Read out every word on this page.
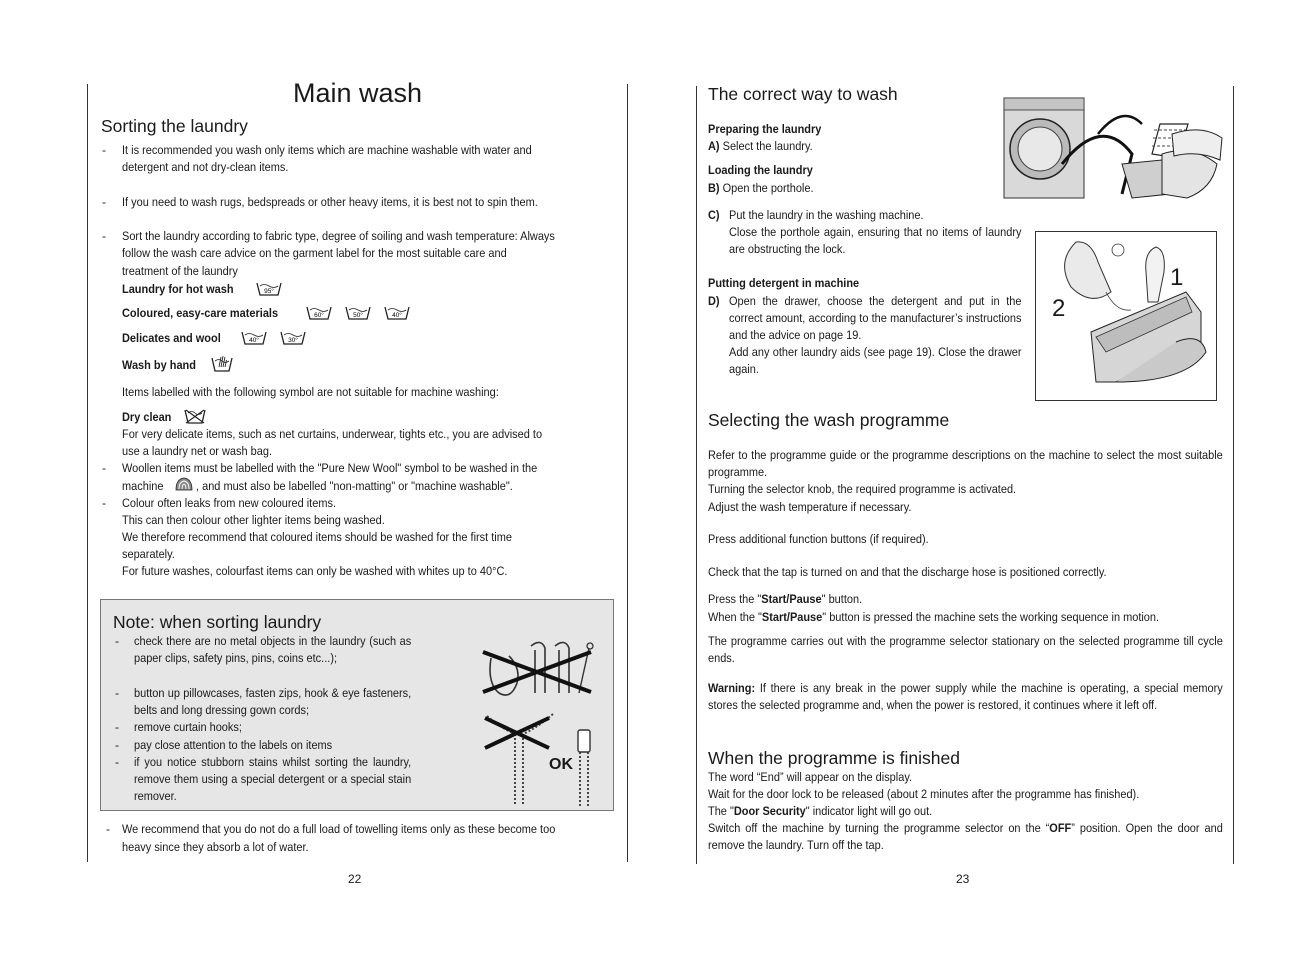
Main wash
Sorting the laundry
- It is recommended you wash only items which are machine washable with water and
detergent and not dry-clean items.
- If you need to wash rugs, bedspreads or other heavy items, it is best not to spin them.
- Sort the laundry according to fabric type, degree of soiling and wash temperature: Always
follow the wash care advice on the garment label for the most suitable care and
treatment of the laundry
Laundry for hot wash	95°
Coloured, easy-care materials	60°	50°	40°
Delicates and wool	40°	30°
Wash by hand
Items labelled with the following symbol are not suitable for machine washing:
Dry clean
For very delicate items, such as net curtains, underwear, tights etc., you are advised to
use a laundry net or wash bag.
- Woollen items must be labelled with the "Pure New Wool" symbol to be washed in the
machine	, and must also be labelled "non-matting" or "machine washable".
- Colour often leaks from new coloured items.
This can then colour other lighter items being washed.
We therefore recommend that coloured items should be washed for the first time
separately.
For future washes, colourfast items can only be washed with whites up to 40°C.
Note: when sorting laundry
- check there are no metal objects in the laundry (such as paper clips, safety pins, pins, coins etc...);
- button up pillowcases, fasten zips, hook & eye fasteners, belts and long dressing gown cords;
- remove curtain hooks;
- pay close attention to the labels on items
- if you notice stubborn stains whilst sorting the laundry, remove them using a special detergent or a special stain remover.
OK
- We recommend that you do not do a full load of towelling items only as these become too
heavy since they absorb a lot of water.
22
The correct way to wash
Preparing the laundry
A) Select the laundry.
Loading the laundry
B) Open the porthole.
C) Put the laundry in the washing machine.
Close the porthole again, ensuring that no items of laundry are obstructing the lock.
Putting detergent in machine
D) Open the drawer, choose the detergent and put in the correct amount, according to the manufacturer’s instructions and the advice on page 19.
Add any other laundry aids (see page 19). Close the drawer again.
1
2
Selecting the wash programme
Refer to the programme guide or the programme descriptions on the machine to select the most suitable programme.
Turning the selector knob, the required programme is activated.
Adjust the wash temperature if necessary.
Press additional function buttons (if required).
Check that the tap is turned on and that the discharge hose is positioned correctly.
Press the "Start/Pause" button.
When the "Start/Pause" button is pressed the machine sets the working sequence in motion.
The programme carries out with the programme selector stationary on the selected programme till cycle ends.
Warning: If there is any break in the power supply while the machine is operating, a special memory stores the selected programme and, when the power is restored, it continues where it left off.
When the programme is finished
The word “End” will appear on the display.
Wait for the door lock to be released (about 2 minutes after the programme has finished).
The "Door Security" indicator light will go out.
Switch off the machine by turning the programme selector on the “OFF” position. Open the door and remove the laundry. Turn off the tap.
23
